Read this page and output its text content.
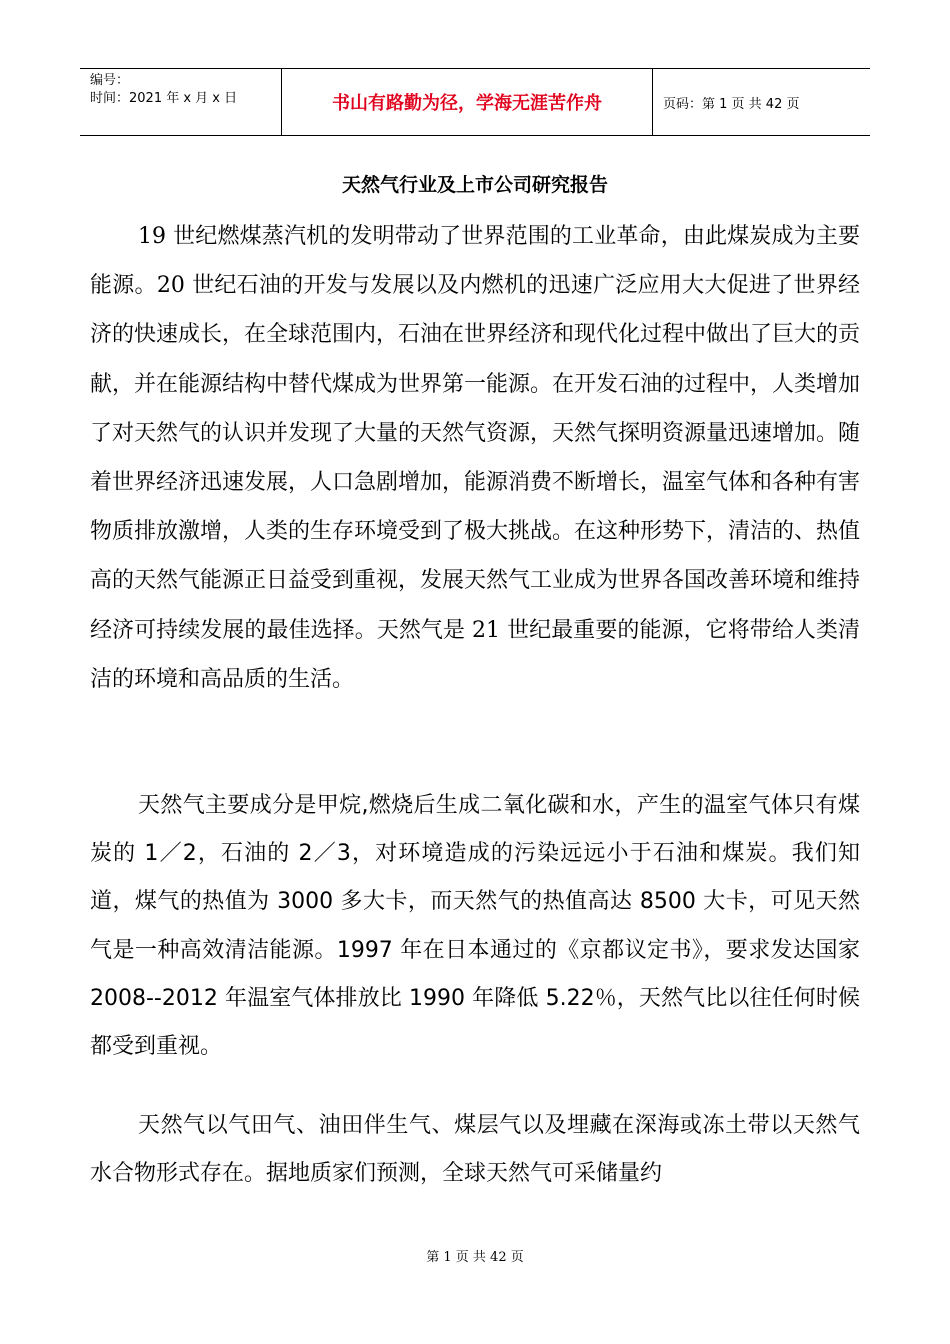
编号：
时间：2021 年 x 月 x 日	书山有路勤为径，学海无涯苦作舟	页码：第 1 页 共 42 页
天然气行业及上市公司研究报告

19 世纪燃煤蒸汽机的发明带动了世界范围的工业革命，由此煤炭成为主要能源。20 世纪石油的开发与发展以及内燃机的迅速广泛应用大大促进了世界经济的快速成长，在全球范围内，石油在世界经济和现代化过程中做出了巨大的贡献，并在能源结构中替代煤成为世界第一能源。在开发石油的过程中，人类增加了对天然气的认识并发现了大量的天然气资源，天然气探明资源量迅速增加。随着世界经济迅速发展，人口急剧增加，能源消费不断增长，温室气体和各种有害物质排放激增，人类的生存环境受到了极大挑战。在这种形势下，清洁的、热值高的天然气能源正日益受到重视，发展天然气工业成为世界各国改善环境和维持经济可持续发展的最佳选择。天然气是 21 世纪最重要的能源，它将带给人类清洁的环境和高品质的生活。

天然气主要成分是甲烷,燃烧后生成二氧化碳和水，产生的温室气体只有煤炭的 1／2，石油的 2／3，对环境造成的污染远远小于石油和煤炭。我们知道，煤气的热值为 3000 多大卡，而天然气的热值高达 8500 大卡，可见天然气是一种高效清洁能源。1997 年在日本通过的《京都议定书》，要求发达国家 2008--2012 年温室气体排放比 1990 年降低 5.22％，天然气比以往任何时候都受到重视。

天然气以气田气、油田伴生气、煤层气以及埋藏在深海或冻土带以天然气水合物形式存在。据地质家们预测，全球天然气可采储量约

第 1 页 共 42 页
